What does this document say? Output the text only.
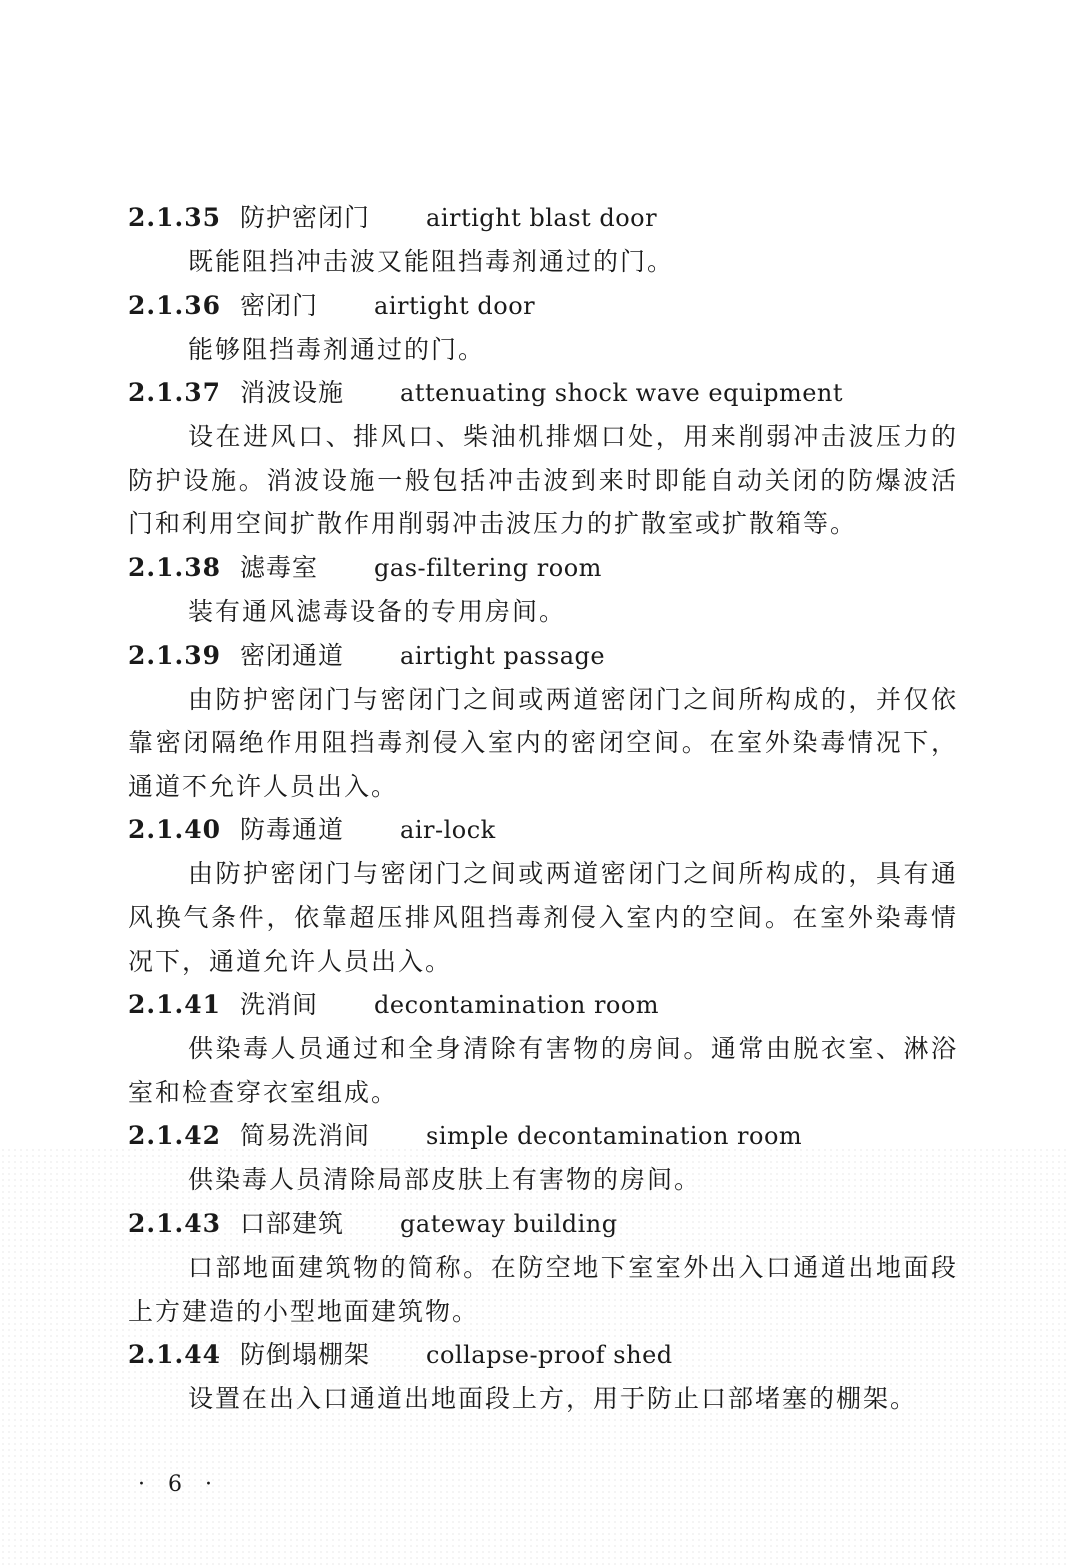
2.1.35 防护密闭门 airtight blast door

既能阻挡冲击波又能阻挡毒剂通过的门。

2.1.36 密闭门 airtight door

能够阻挡毒剂通过的门。

2.1.37 消波设施 attenuating shock wave equipment

设在进风口、排风口、柴油机排烟口处，用来削弱冲击波压力的防护设施。消波设施一般包括冲击波到来时即能自动关闭的防爆波活门和利用空间扩散作用削弱冲击波压力的扩散室或扩散箱等。

2.1.38 滤毒室 gas-filtering room

装有通风滤毒设备的专用房间。

2.1.39 密闭通道 airtight passage

由防护密闭门与密闭门之间或两道密闭门之间所构成的，并仅依靠密闭隔绝作用阻挡毒剂侵入室内的密闭空间。在室外染毒情况下，通道不允许人员出入。

2.1.40 防毒通道 air-lock

由防护密闭门与密闭门之间或两道密闭门之间所构成的，具有通风换气条件，依靠超压排风阻挡毒剂侵入室内的空间。在室外染毒情况下，通道允许人员出入。

2.1.41 洗消间 decontamination room

供染毒人员通过和全身清除有害物的房间。通常由脱衣室、淋浴室和检查穿衣室组成。

2.1.42 简易洗消间 simple decontamination room

供染毒人员清除局部皮肤上有害物的房间。

2.1.43 口部建筑 gateway building

口部地面建筑物的简称。在防空地下室室外出入口通道出地面段上方建造的小型地面建筑物。

2.1.44 防倒塌棚架 collapse-proof shed

设置在出入口通道出地面段上方，用于防止口部堵塞的棚架。

· 6 ·
